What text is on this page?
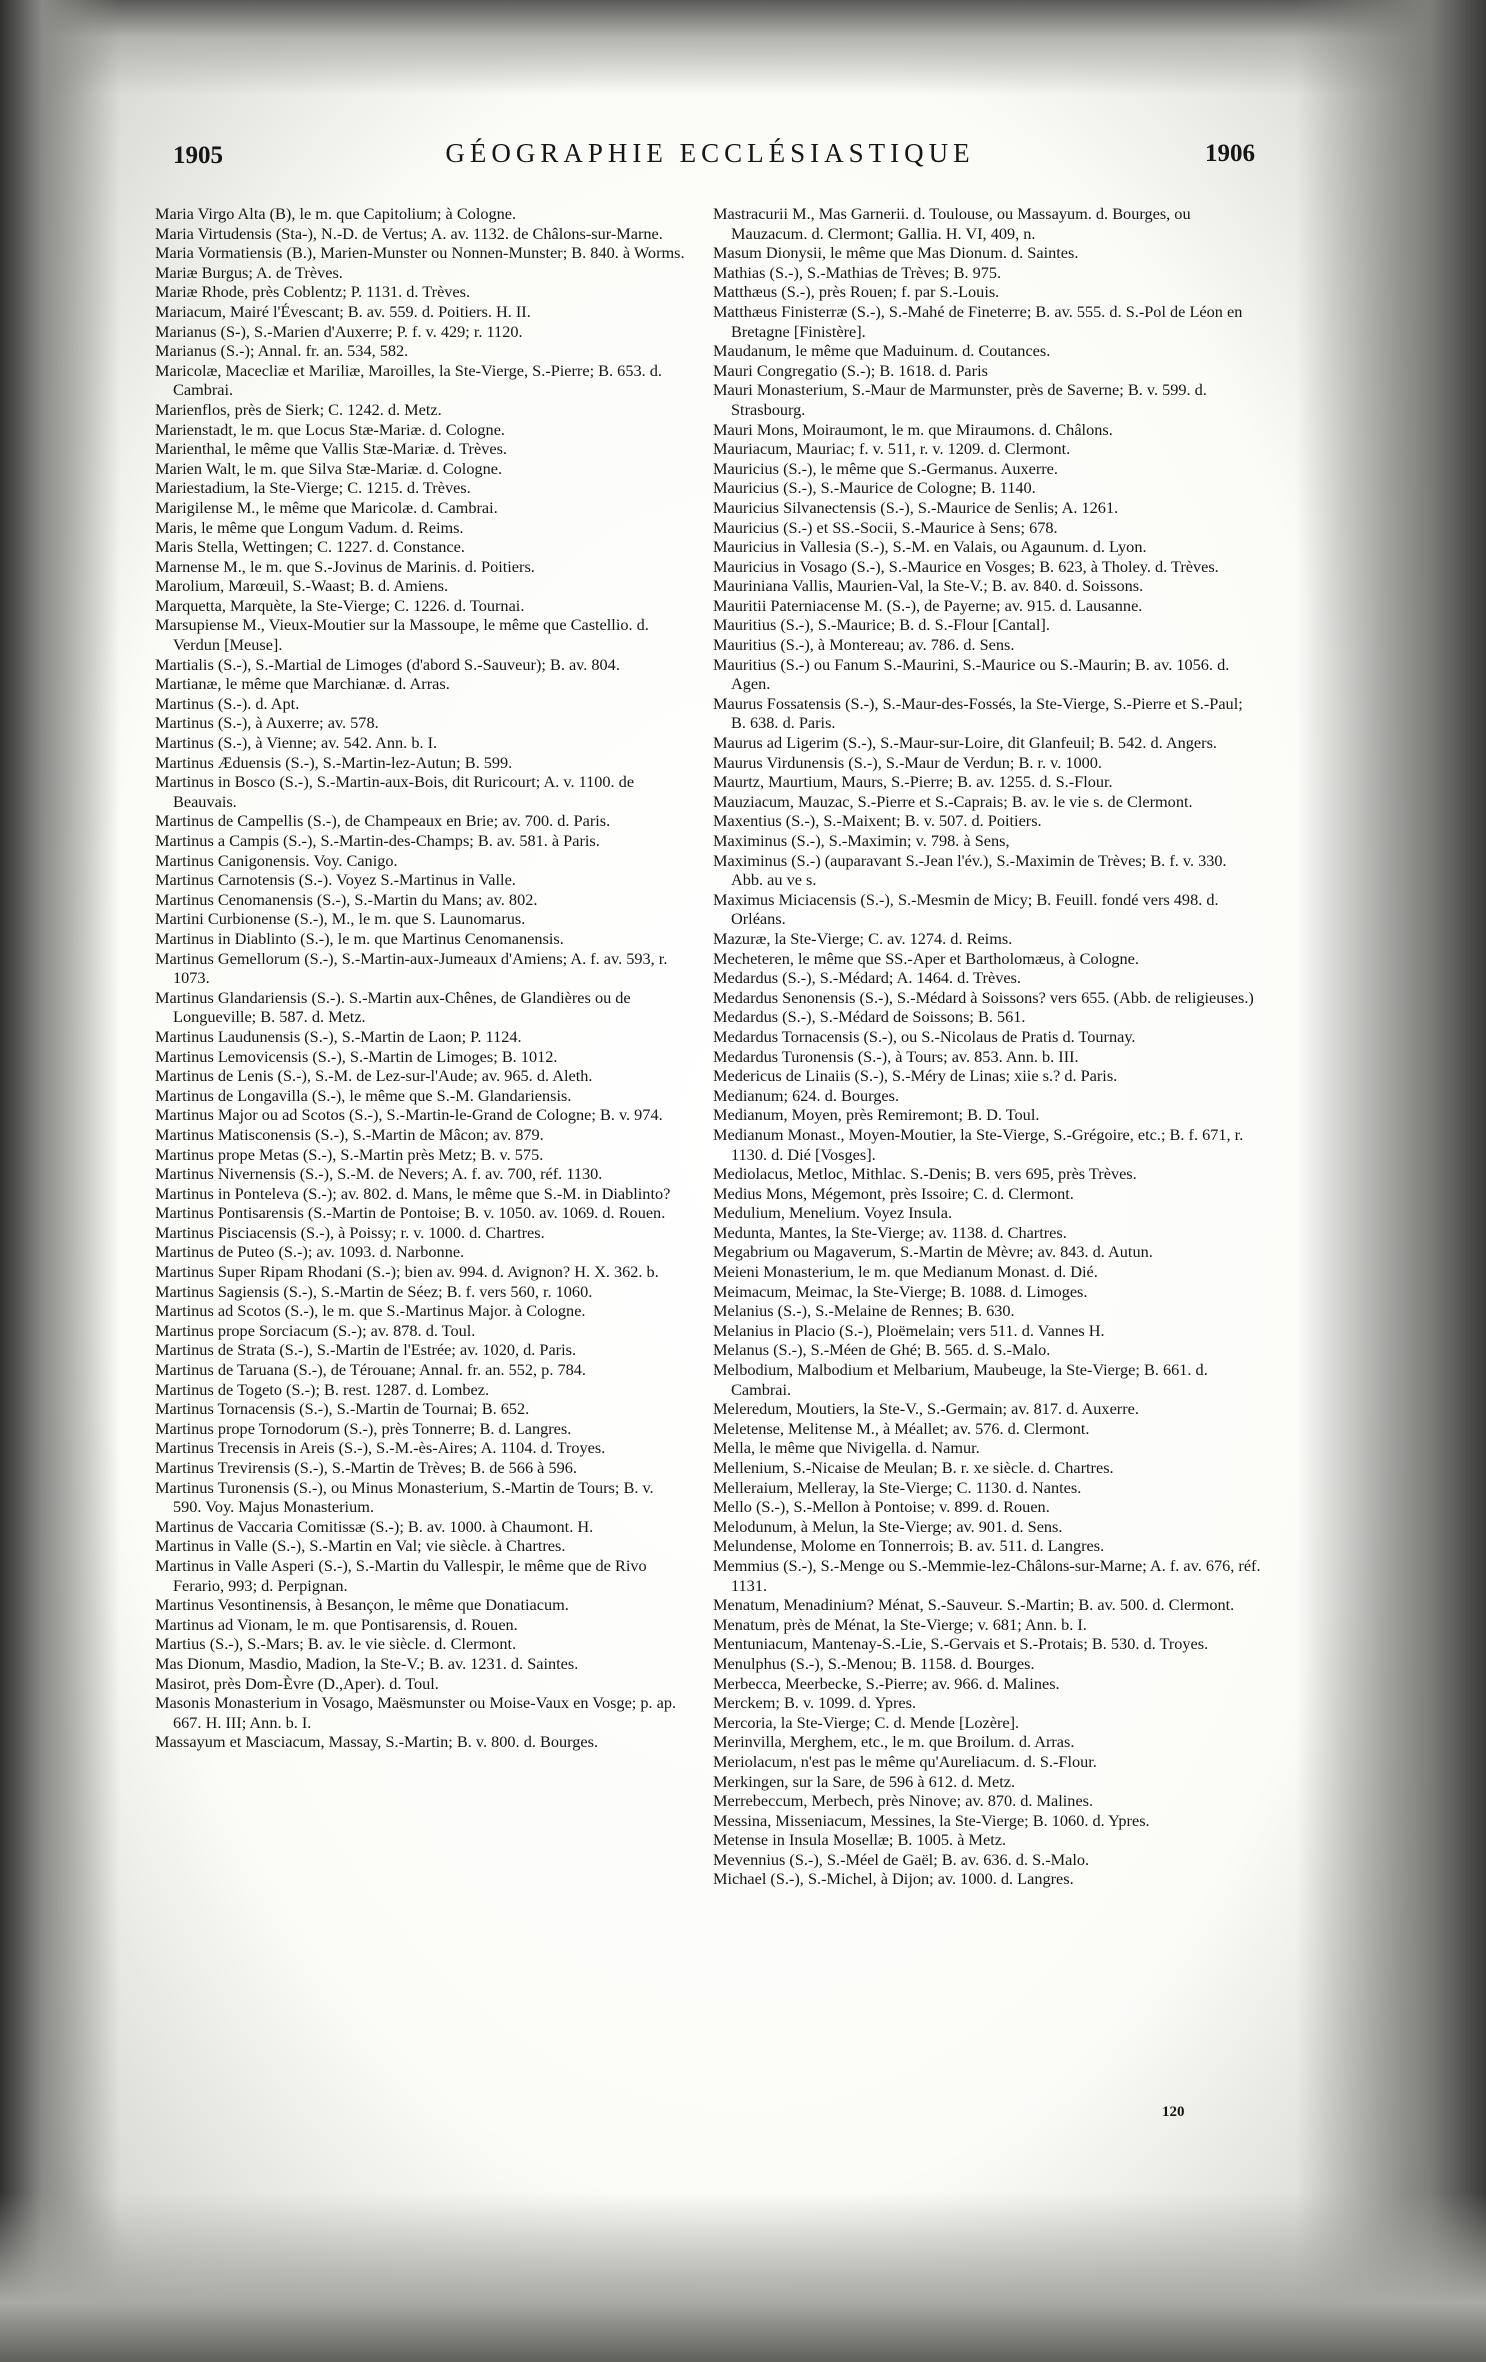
1905	GÉOGRAPHIE ECCLÉSIASTIQUE	1906

Maria Virgo Alta (B), le m. que Capitolium; à Cologne.

Maria Virtudensis (Sta-), N.-D. de Vertus; A. av. 1132. de Châlons-sur-Marne.

Maria Vormatiensis (B.), Marien-Munster ou Nonnen-Munster; B. 840. à Worms.

Mariæ Burgus; A. de Trèves.

Mariæ Rhode, près Coblentz; P. 1131. d. Trèves.

Mariacum, Mairé l'Évescant; B. av. 559. d. Poitiers. H. II.

Marianus (S-), S.-Marien d'Auxerre; P. f. v. 429; r. 1120.

Marianus (S.-); Annal. fr. an. 534, 582.

Maricolæ, Macecliæ et Mariliæ, Maroilles, la Ste-Vierge, S.-Pierre; B. 653. d. Cambrai.

Marienflos, près de Sierk; C. 1242. d. Metz.

Marienstadt, le m. que Locus Stæ-Mariæ. d. Cologne.

Marienthal, le même que Vallis Stæ-Mariæ. d. Trèves.

Marien Walt, le m. que Silva Stæ-Mariæ. d. Cologne.

Mariestadium, la Ste-Vierge; C. 1215. d. Trèves.

Marigilense M., le même que Maricolæ. d. Cambrai.

Maris, le même que Longum Vadum. d. Reims.

Maris Stella, Wettingen; C. 1227. d. Constance.

Marnense M., le m. que S.-Jovinus de Marinis. d. Poitiers.

Marolium, Marœuil, S.-Waast; B. d. Amiens.

Marquetta, Marquète, la Ste-Vierge; C. 1226. d. Tournai.

Marsupiense M., Vieux-Moutier sur la Massoupe, le même que Castellio. d. Verdun [Meuse].

Martialis (S.-), S.-Martial de Limoges (d'abord S.-Sauveur); B. av. 804.

Martianæ, le même que Marchianæ. d. Arras.

Martinus (S.-). d. Apt.

Martinus (S.-), à Auxerre; av. 578.

Martinus (S.-), à Vienne; av. 542. Ann. b. I.

Martinus Æduensis (S.-), S.-Martin-lez-Autun; B. 599.

Martinus in Bosco (S.-), S.-Martin-aux-Bois, dit Ruricourt; A. v. 1100. de Beauvais.

Martinus de Campellis (S.-), de Champeaux en Brie; av. 700. d. Paris.

Martinus a Campis (S.-), S.-Martin-des-Champs; B. av. 581. à Paris.

Martinus Canigonensis. Voy. Canigo.

Martinus Carnotensis (S.-). Voyez S.-Martinus in Valle.

Martinus Cenomanensis (S.-), S.-Martin du Mans; av. 802.

Martini Curbionense (S.-), M., le m. que S. Launomarus.

Martinus in Diablinto (S.-), le m. que Martinus Cenomanensis.

Martinus Gemellorum (S.-), S.-Martin-aux-Jumeaux d'Amiens; A. f. av. 593, r. 1073.

Martinus Glandariensis (S.-). S.-Martin aux-Chênes, de Glandières ou de Longueville; B. 587. d. Metz.

Martinus Laudunensis (S.-), S.-Martin de Laon; P. 1124.

Martinus Lemovicensis (S.-), S.-Martin de Limoges; B. 1012.

Martinus de Lenis (S.-), S.-M. de Lez-sur-l'Aude; av. 965. d. Aleth.

Martinus de Longavilla (S.-), le même que S.-M. Glandariensis.

Martinus Major ou ad Scotos (S.-), S.-Martin-le-Grand de Cologne; B. v. 974.

Martinus Matisconensis (S.-), S.-Martin de Mâcon; av. 879.

Martinus prope Metas (S.-), S.-Martin près Metz; B. v. 575.

Martinus Nivernensis (S.-), S.-M. de Nevers; A. f. av. 700, réf. 1130.

Martinus in Ponteleva (S.-); av. 802. d. Mans, le même que S.-M. in Diablinto?

Martinus Pontisarensis (S.-Martin de Pontoise; B. v. 1050. av. 1069. d. Rouen.

Martinus Pisciacensis (S.-), à Poissy; r. v. 1000. d. Chartres.

Martinus de Puteo (S.-); av. 1093. d. Narbonne.

Martinus Super Ripam Rhodani (S.-); bien av. 994. d. Avignon? H. X. 362. b.

Martinus Sagiensis (S.-), S.-Martin de Séez; B. f. vers 560, r. 1060.

Martinus ad Scotos (S.-), le m. que S.-Martinus Major. à Cologne.

Martinus prope Sorciacum (S.-); av. 878. d. Toul.

Martinus de Strata (S.-), S.-Martin de l'Estrée; av. 1020, d. Paris.

Martinus de Taruana (S.-), de Térouane; Annal. fr. an. 552, p. 784.

Martinus de Togeto (S.-); B. rest. 1287. d. Lombez.

Martinus Tornacensis (S.-), S.-Martin de Tournai; B. 652.

Martinus prope Tornodorum (S.-), près Tonnerre; B. d. Langres.

Martinus Trecensis in Areis (S.-), S.-M.-ès-Aires; A. 1104. d. Troyes.

Martinus Trevirensis (S.-), S.-Martin de Trèves; B. de 566 à 596.

Martinus Turonensis (S.-), ou Minus Monasterium, S.-Martin de Tours; B. v. 590. Voy. Majus Monasterium.

Martinus de Vaccaria Comitissæ (S.-); B. av. 1000. à Chaumont. H.

Martinus in Valle (S.-), S.-Martin en Val; vie siècle. à Chartres.

Martinus in Valle Asperi (S.-), S.-Martin du Vallespir, le même que de Rivo Ferario, 993; d. Perpignan.

Martinus Vesontinensis, à Besançon, le même que Donatiacum.

Martinus ad Vionam, le m. que Pontisarensis, d. Rouen.

Martius (S.-), S.-Mars; B. av. le vie siècle. d. Clermont.

Mas Dionum, Masdio, Madion, la Ste-V.; B. av. 1231. d. Saintes.

Masirot, près Dom-Èvre (D.,Aper). d. Toul.

Masonis Monasterium in Vosago, Maësmunster ou Moise-Vaux en Vosge; p. ap. 667. H. III; Ann. b. I.

Massayum et Masciacum, Massay, S.-Martin; B. v. 800. d. Bourges.

Mastracurii M., Mas Garnerii. d. Toulouse, ou Massayum. d. Bourges, ou Mauzacum. d. Clermont; Gallia. H. VI, 409, n.

Masum Dionysii, le même que Mas Dionum. d. Saintes.

Mathias (S.-), S.-Mathias de Trèves; B. 975.

Matthæus (S.-), près Rouen; f. par S.-Louis.

Matthæus Finisterræ (S.-), S.-Mahé de Fineterre; B. av. 555. d. S.-Pol de Léon en Bretagne [Finistère].

Maudanum, le même que Maduinum. d. Coutances.

Mauri Congregatio (S.-); B. 1618. d. Paris

Mauri Monasterium, S.-Maur de Marmunster, près de Saverne; B. v. 599. d. Strasbourg.

Mauri Mons, Moiraumont, le m. que Miraumons. d. Châlons.

Mauriacum, Mauriac; f. v. 511, r. v. 1209. d. Clermont.

Mauricius (S.-), le même que S.-Germanus. Auxerre.

Mauricius (S.-), S.-Maurice de Cologne; B. 1140.

Mauricius Silvanectensis (S.-), S.-Maurice de Senlis; A. 1261.

Mauricius (S.-) et SS.-Socii, S.-Maurice à Sens; 678.

Mauricius in Vallesia (S.-), S.-M. en Valais, ou Agaunum. d. Lyon.

Mauricius in Vosago (S.-), S.-Maurice en Vosges; B. 623, à Tholey. d. Trèves.

Mauriniana Vallis, Maurien-Val, la Ste-V.; B. av. 840. d. Soissons.

Mauritii Paterniacense M. (S.-), de Payerne; av. 915. d. Lausanne.

Mauritius (S.-), S.-Maurice; B. d. S.-Flour [Cantal].

Mauritius (S.-), à Montereau; av. 786. d. Sens.

Mauritius (S.-) ou Fanum S.-Maurini, S.-Maurice ou S.-Maurin; B. av. 1056. d. Agen.

Maurus Fossatensis (S.-), S.-Maur-des-Fossés, la Ste-Vierge, S.-Pierre et S.-Paul; B. 638. d. Paris.

Maurus ad Ligerim (S.-), S.-Maur-sur-Loire, dit Glanfeuil; B. 542. d. Angers.

Maurus Virdunensis (S.-), S.-Maur de Verdun; B. r. v. 1000.

Maurtz, Maurtium, Maurs, S.-Pierre; B. av. 1255. d. S.-Flour.

Mauziacum, Mauzac, S.-Pierre et S.-Caprais; B. av. le vie s. de Clermont.

Maxentius (S.-), S.-Maixent; B. v. 507. d. Poitiers.

Maximinus (S.-), S.-Maximin; v. 798. à Sens,

Maximinus (S.-) (auparavant S.-Jean l'év.), S.-Maximin de Trèves; B. f. v. 330. Abb. au ve s.

Maximus Miciacensis (S.-), S.-Mesmin de Micy; B. Feuill. fondé vers 498. d. Orléans.

Mazuræ, la Ste-Vierge; C. av. 1274. d. Reims.

Mecheteren, le même que SS.-Aper et Bartholomæus, à Cologne.

Medardus (S.-), S.-Médard; A. 1464. d. Trèves.

Medardus Senonensis (S.-), S.-Médard à Soissons? vers 655. (Abb. de religieuses.)

Medardus (S.-), S.-Médard de Soissons; B. 561.

Medardus Tornacensis (S.-), ou S.-Nicolaus de Pratis d. Tournay.

Medardus Turonensis (S.-), à Tours; av. 853. Ann. b. III.

Medericus de Linaiis (S.-), S.-Méry de Linas; xiie s.? d. Paris.

Medianum; 624. d. Bourges.

Medianum, Moyen, près Remiremont; B. D. Toul.

Medianum Monast., Moyen-Moutier, la Ste-Vierge, S.-Grégoire, etc.; B. f. 671, r. 1130. d. Dié [Vosges].

Mediolacus, Metloc, Mithlac. S.-Denis; B. vers 695, près Trèves.

Medius Mons, Mégemont, près Issoire; C. d. Clermont.

Medulium, Menelium. Voyez Insula.

Medunta, Mantes, la Ste-Vierge; av. 1138. d. Chartres.

Megabrium ou Magaverum, S.-Martin de Mèvre; av. 843. d. Autun.

Meieni Monasterium, le m. que Medianum Monast. d. Dié.

Meimacum, Meimac, la Ste-Vierge; B. 1088. d. Limoges.

Melanius (S.-), S.-Melaine de Rennes; B. 630.

Melanius in Placio (S.-), Ploëmelain; vers 511. d. Vannes H.

Melanus (S.-), S.-Méen de Ghé; B. 565. d. S.-Malo.

Melbodium, Malbodium et Melbarium, Maubeuge, la Ste-Vierge; B. 661. d. Cambrai.

Meleredum, Moutiers, la Ste-V., S.-Germain; av. 817. d. Auxerre.

Meletense, Melitense M., à Méallet; av. 576. d. Clermont.

Mella, le même que Nivigella. d. Namur.

Mellenium, S.-Nicaise de Meulan; B. r. xe siècle. d. Chartres.

Melleraium, Melleray, la Ste-Vierge; C. 1130. d. Nantes.

Mello (S.-), S.-Mellon à Pontoise; v. 899. d. Rouen.

Melodunum, à Melun, la Ste-Vierge; av. 901. d. Sens.

Melundense, Molome en Tonnerrois; B. av. 511. d. Langres.

Memmius (S.-), S.-Menge ou S.-Memmie-lez-Châlons-sur-Marne; A. f. av. 676, réf. 1131.

Menatum, Menadinium? Ménat, S.-Sauveur. S.-Martin; B. av. 500. d. Clermont.

Menatum, près de Ménat, la Ste-Vierge; v. 681; Ann. b. I.

Mentuniacum, Mantenay-S.-Lie, S.-Gervais et S.-Protais; B. 530. d. Troyes.

Menulphus (S.-), S.-Menou; B. 1158. d. Bourges.

Merbecca, Meerbecke, S.-Pierre; av. 966. d. Malines.

Merckem; B. v. 1099. d. Ypres.

Mercoria, la Ste-Vierge; C. d. Mende [Lozère].

Merinvilla, Merghem, etc., le m. que Broilum. d. Arras.

Meriolacum, n'est pas le même qu'Aureliacum. d. S.-Flour.

Merkingen, sur la Sare, de 596 à 612. d. Metz.

Merrebeccum, Merbech, près Ninove; av. 870. d. Malines.

Messina, Misseniacum, Messines, la Ste-Vierge; B. 1060. d. Ypres.

Metense in Insula Mosellæ; B. 1005. à Metz.

Mevennius (S.-), S.-Méel de Gaël; B. av. 636. d. S.-Malo.

Michael (S.-), S.-Michel, à Dijon; av. 1000. d. Langres.

120
